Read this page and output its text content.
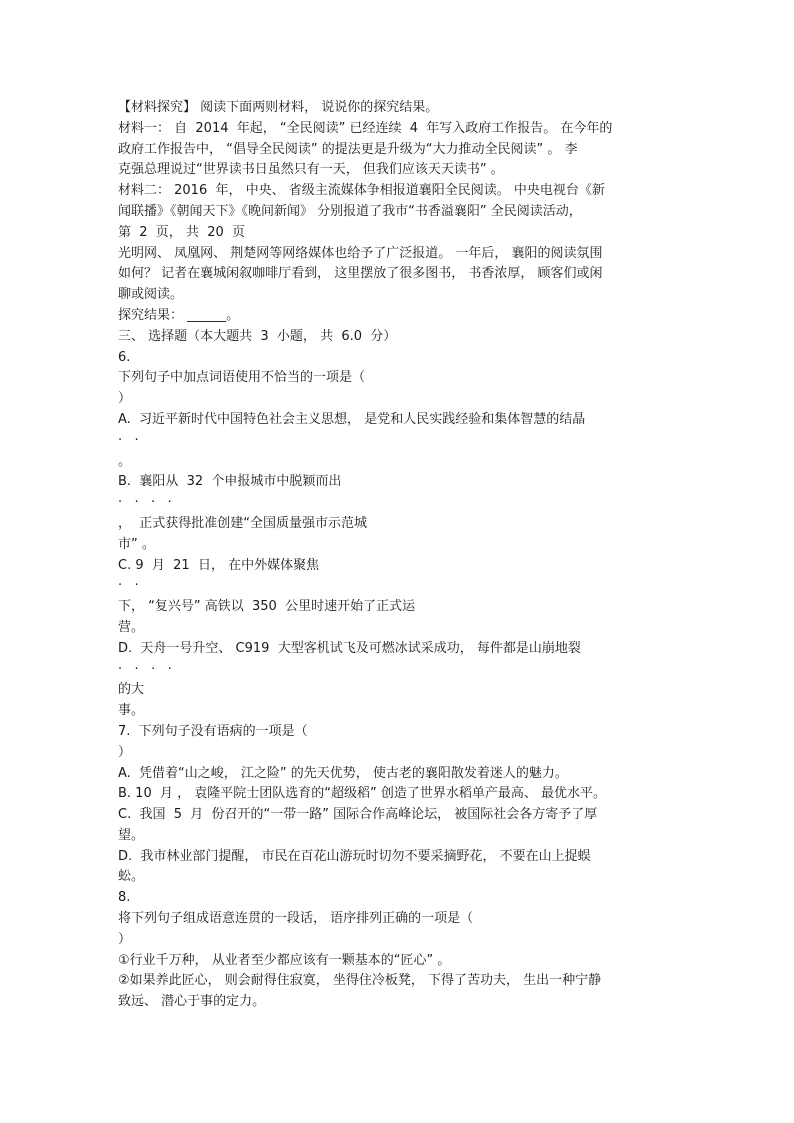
【材料探究】 阅读下面两则材料， 说说你的探究结果。
材料一： 自  2014  年起， “全民阅读” 已经连续  4  年写入政府工作报告。 在今年的
政府工作报告中， “倡导全民阅读” 的提法更是升级为“大力推动全民阅读” 。 李
克强总理说过“世界读书日虽然只有一天， 但我们应该天天读书” 。
材料二： 2016  年， 中央、 省级主流媒体争相报道襄阳全民阅读。 中央电视台《新
闻联播》《朝闻天下》《晚间新闻》 分别报道了我市“书香溢襄阳” 全民阅读活动，
第  2  页， 共  20  页
光明网、 凤凰网、 荆楚网等网络媒体也给予了广泛报道。 一年后， 襄阳的阅读氛围
如何？ 记者在襄城闲叙咖啡厅看到， 这里摆放了很多图书， 书香浓厚， 顾客们或闲
聊或阅读。
探究结果： ______。
三、 选择题（本大题共  3  小题， 共  6.0  分）
6.
下列句子中加点词语使用不恰当的一项是（
）
A.  习近平新时代中国特色社会主义思想， 是党和人民实践经验和集体智慧的结晶
·   ·
。
B.  襄阳从  32  个申报城市中脱颖而出
·   ·   ·   ·
，  正式获得批准创建“全国质量强市示范城
市” 。
C. 9  月  21  日， 在中外媒体聚焦
·   ·
下， “复兴号” 高铁以  350  公里时速开始了正式运
营。
D.  天舟一号升空、 C919  大型客机试飞及可燃冰试采成功， 每件都是山崩地裂
·   ·   ·   ·
的大
事。
7.  下列句子没有语病的一项是（
）
A.  凭借着“山之峻， 江之险” 的先天优势， 使古老的襄阳散发着迷人的魅力。
B. 10  月 ， 袁隆平院士团队选育的“超级稻” 创造了世界水稻单产最高、 最优水平。
C.  我国  5  月  份召开的“一带一路” 国际合作高峰论坛， 被国际社会各方寄予了厚
望。
D.  我市林业部门提醒， 市民在百花山游玩时切勿不要采摘野花， 不要在山上捉蜈
蚣。
8.
将下列句子组成语意连贯的一段话， 语序排列正确的一项是（
）
①行业千万种， 从业者至少都应该有一颗基本的“匠心” 。
②如果养此匠心， 则会耐得住寂寞， 坐得住冷板凳， 下得了苦功夫， 生出一种宁静
致远、 潜心于事的定力。
